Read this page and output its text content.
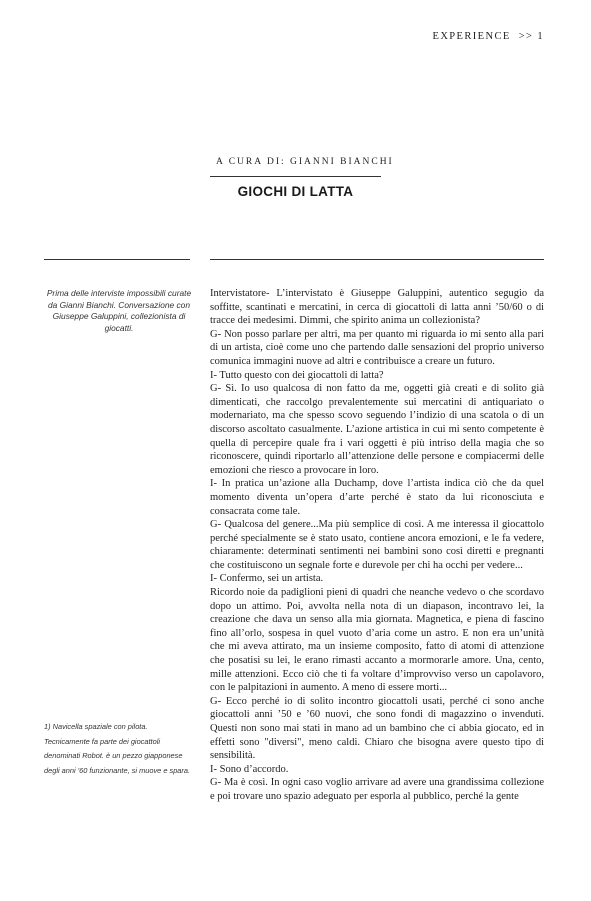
EXPERIENCE >> 1
A CURA DI: GIANNI BIANCHI
GIOCHI DI LATTA
Prima delle interviste impossibili curate da Gianni Bianchi. Conversazione con Giuseppe Galuppini, collezionista di giocatti.

Intervistatore- L’intervistato è Giuseppe Galuppini, autentico segugio da soffitte, scantinati e mercatini, in cerca di giocattoli di latta anni ’50/60 o di tracce dei medesimi. Dimmi, che spirito anima un collezionista?

G- Non posso parlare per altri, ma per quanto mi riguarda io mi sento alla pari di un artista, cioè come uno che partendo dalle sensazioni del proprio universo comunica immagini nuove ad altri e contribuisce a creare un futuro.

I- Tutto questo con dei giocattoli di latta?

G- Sì. Io uso qualcosa di non fatto da me, oggetti già creati e di solito già dimenticati, che raccolgo prevalentemente sui mercatini di antiquariato o modernariato, ma che spesso scovo seguendo l’indizio di una scatola o di un discorso ascoltato casualmente. L’azione artistica in cui mi sento competente è quella di percepire quale fra i vari oggetti è più intriso della magia che so riconoscere, quindi riportarlo all’attenzione delle persone e compiacermi delle emozioni che riesco a provocare in loro.

I- In pratica un’azione alla Duchamp, dove l’artista indica ciò che da quel momento diventa un’opera d’arte perché è stato da lui riconosciuta e consacrata come tale.

G- Qualcosa del genere...Ma più semplice di così. A me interessa il giocattolo perché specialmente se è stato usato, contiene ancora emozioni, e le fa vedere, chiaramente: determinati sentimenti nei bambini sono così diretti e pregnanti che costituiscono un segnale forte e durevole per chi ha occhi per vedere...

I- Confermo, sei un artista.

Ricordo noie da padiglioni pieni di quadri che neanche vedevo o che scordavo dopo un attimo. Poi, avvolta nella nota di un diapason, incontravo lei, la creazione che dava un senso alla mia giornata. Magnetica, e piena di fascino fino all’orlo, sospesa in quel vuoto d’aria come un astro. E non era un’unità che mi aveva attirato, ma un insieme composito, fatto di atomi di attenzione che posatisi su lei, le erano rimasti accanto a mormorarle amore. Una, cento, mille attenzioni. Ecco ciò che ti fa voltare d’improvviso verso un capolavoro, con le palpitazioni in aumento. A meno di essere morti...

G- Ecco perché io di solito incontro giocattoli usati, perché ci sono anche giocattoli anni ’50 e ’60 nuovi, che sono fondi di magazzino o invenduti. Questi non sono mai stati in mano ad un bambino che ci abbia giocato, ed in effetti sono "diversi", meno caldi. Chiaro che bisogna avere questo tipo di sensibilità.

I- Sono d’accordo.

G- Ma è così. In ogni caso voglio arrivare ad avere una grandissima collezione e poi trovare uno spazio adeguato per esporla al pubblico, perché la gente

1) Navicella spaziale con pilota. Tecnicamente fa parte dei giocattoli denominati Robot. è un pezzo giapponese degli anni '60 funzionante, si muove e spara.
